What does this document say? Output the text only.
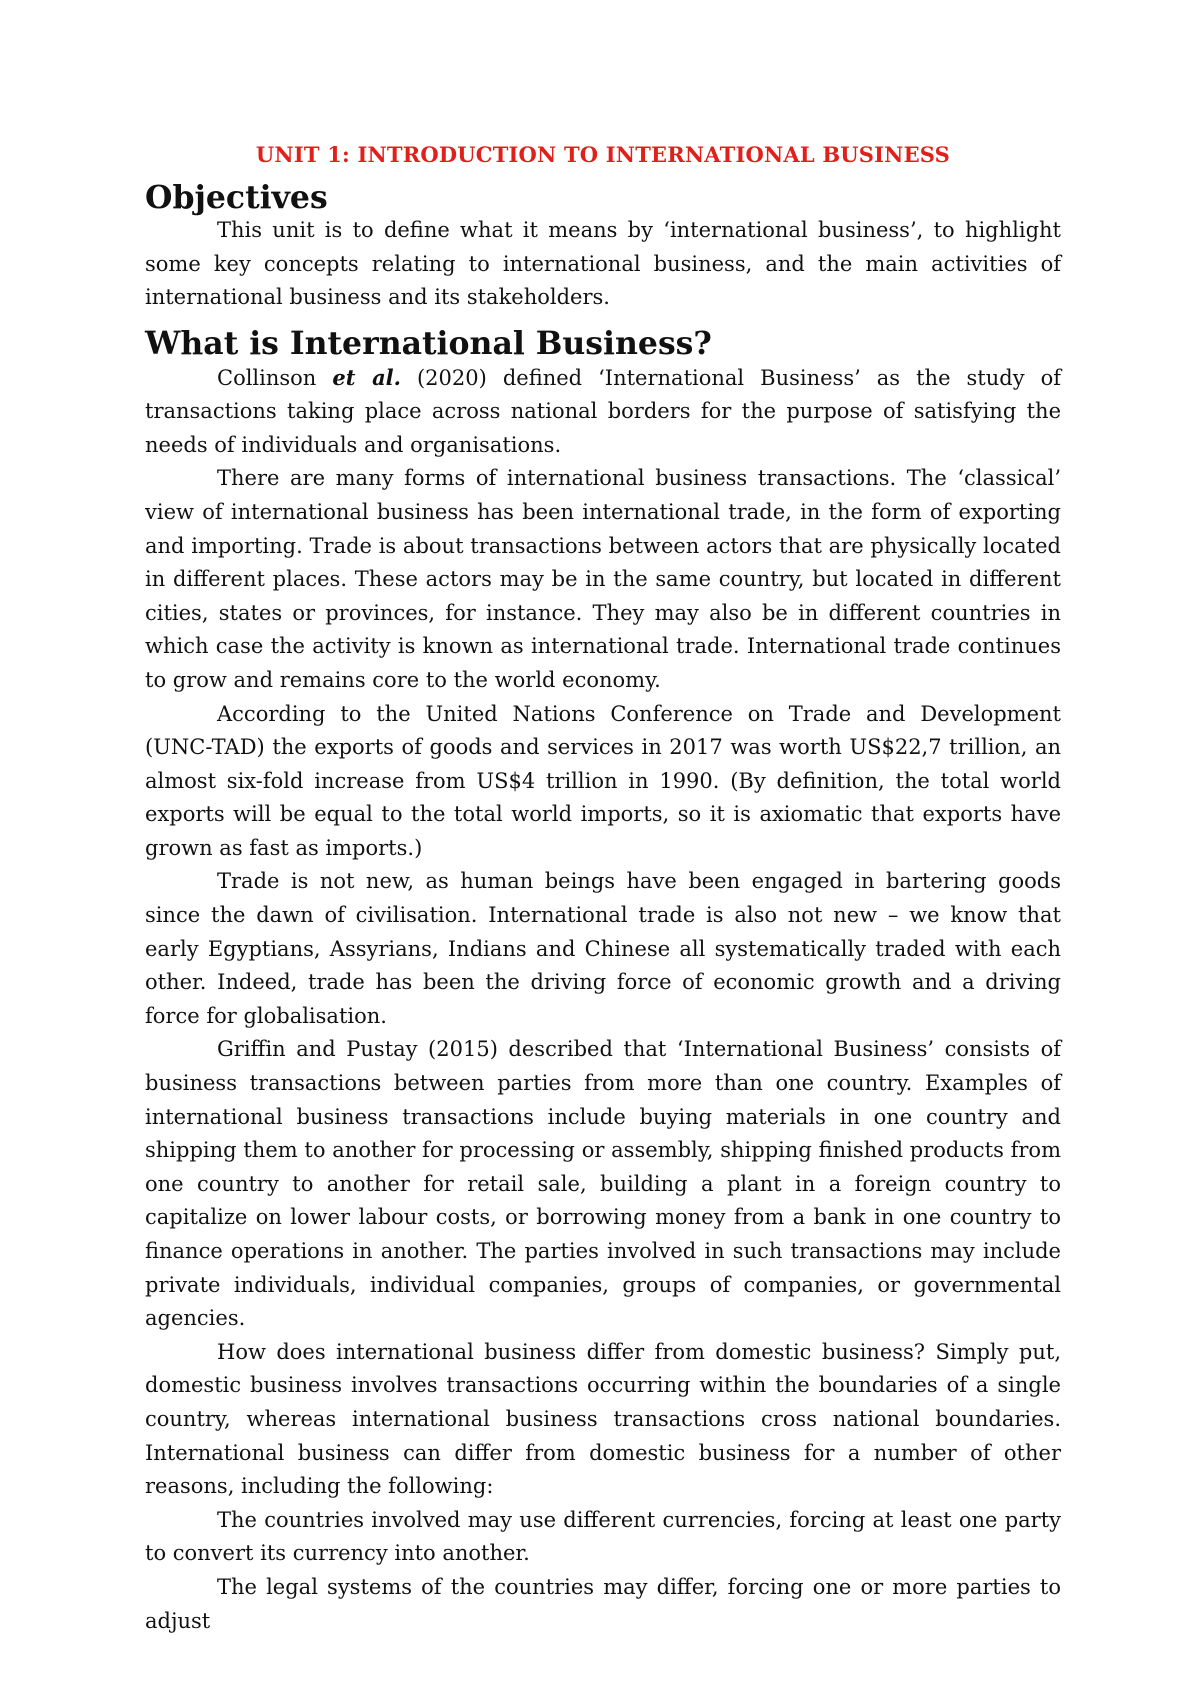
UNIT 1: INTRODUCTION TO INTERNATIONAL BUSINESS
Objectives

This unit is to define what it means by ‘international business’, to highlight some key concepts relating to international business, and the main activities of international business and its stakeholders.

What is International Business?

Collinson et al. (2020) defined ‘International Business’ as the study of transactions taking place across national borders for the purpose of satisfying the needs of individuals and organisations.

There are many forms of international business transactions. The ‘classical’ view of international business has been international trade, in the form of exporting and importing. Trade is about transactions between actors that are physically located in different places. These actors may be in the same country, but located in different cities, states or provinces, for instance. They may also be in different countries in which case the activity is known as international trade. International trade continues to grow and remains core to the world economy.

According to the United Nations Conference on Trade and Development (UNC-TAD) the exports of goods and services in 2017 was worth US$22,7 trillion, an almost six-fold increase from US$4 trillion in 1990. (By definition, the total world exports will be equal to the total world imports, so it is axiomatic that exports have grown as fast as imports.)

Trade is not new, as human beings have been engaged in bartering goods since the dawn of civilisation. International trade is also not new – we know that early Egyptians, Assyrians, Indians and Chinese all systematically traded with each other. Indeed, trade has been the driving force of economic growth and a driving force for globalisation.

Griffin and Pustay (2015) described that ‘International Business’ consists of business transactions between parties from more than one country. Examples of international business transactions include buying materials in one country and shipping them to another for processing or assembly, shipping finished products from one country to another for retail sale, building a plant in a foreign country to capitalize on lower labour costs, or borrowing money from a bank in one country to finance operations in another. The parties involved in such transactions may include private individuals, individual companies, groups of companies, or governmental agencies.

How does international business differ from domestic business? Simply put, domestic business involves transactions occurring within the boundaries of a single country, whereas international business transactions cross national boundaries. International business can differ from domestic business for a number of other reasons, including the following:

The countries involved may use different currencies, forcing at least one party to convert its currency into another.

The legal systems of the countries may differ, forcing one or more parties to adjust
